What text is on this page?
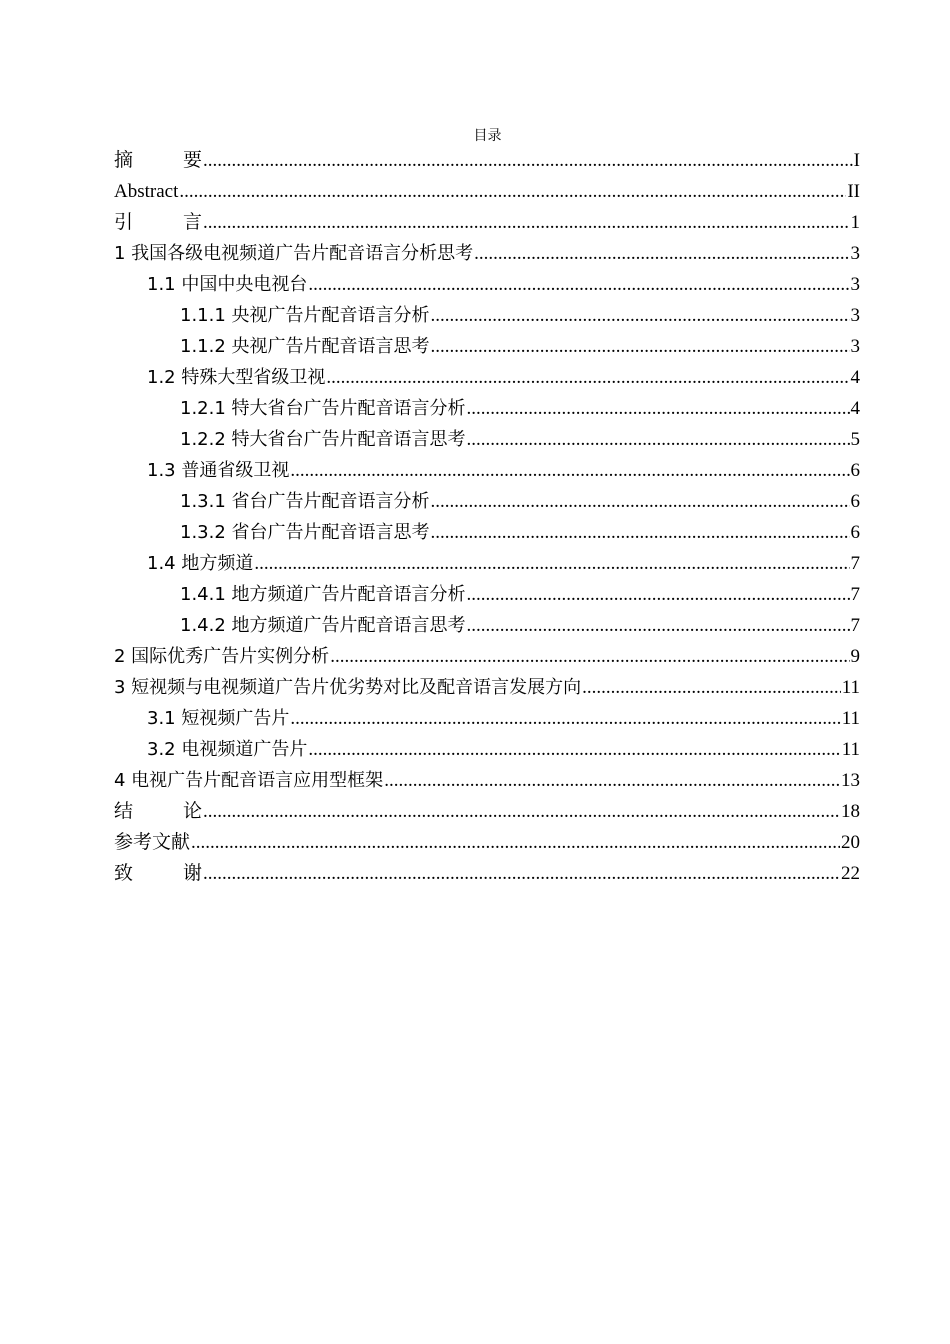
目录
摘　　要 .....	I
Abstract .....	II
引　　言 .....	1
1 我国各级电视频道广告片配音语言分析思考 .....	3
1.1 中国中央电视台 .....	3
1.1.1 央视广告片配音语言分析 .....	3
1.1.2 央视广告片配音语言思考 .....	3
1.2 特殊大型省级卫视 .....	4
1.2.1 特大省台广告片配音语言分析 .....	4
1.2.2 特大省台广告片配音语言思考 .....	5
1.3 普通省级卫视 .....	6
1.3.1 省台广告片配音语言分析 .....	6
1.3.2 省台广告片配音语言思考 .....	6
1.4 地方频道 .....	7
1.4.1 地方频道广告片配音语言分析 .....	7
1.4.2 地方频道广告片配音语言思考 .....	7
2 国际优秀广告片实例分析 .....	9
3 短视频与电视频道广告片优劣势对比及配音语言发展方向 .....	11
3.1 短视频广告片 .....	11
3.2 电视频道广告片 .....	11
4 电视广告片配音语言应用型框架 .....	13
结　　论 .....	18
参考文献 .....	20
致　　谢 .....	22
